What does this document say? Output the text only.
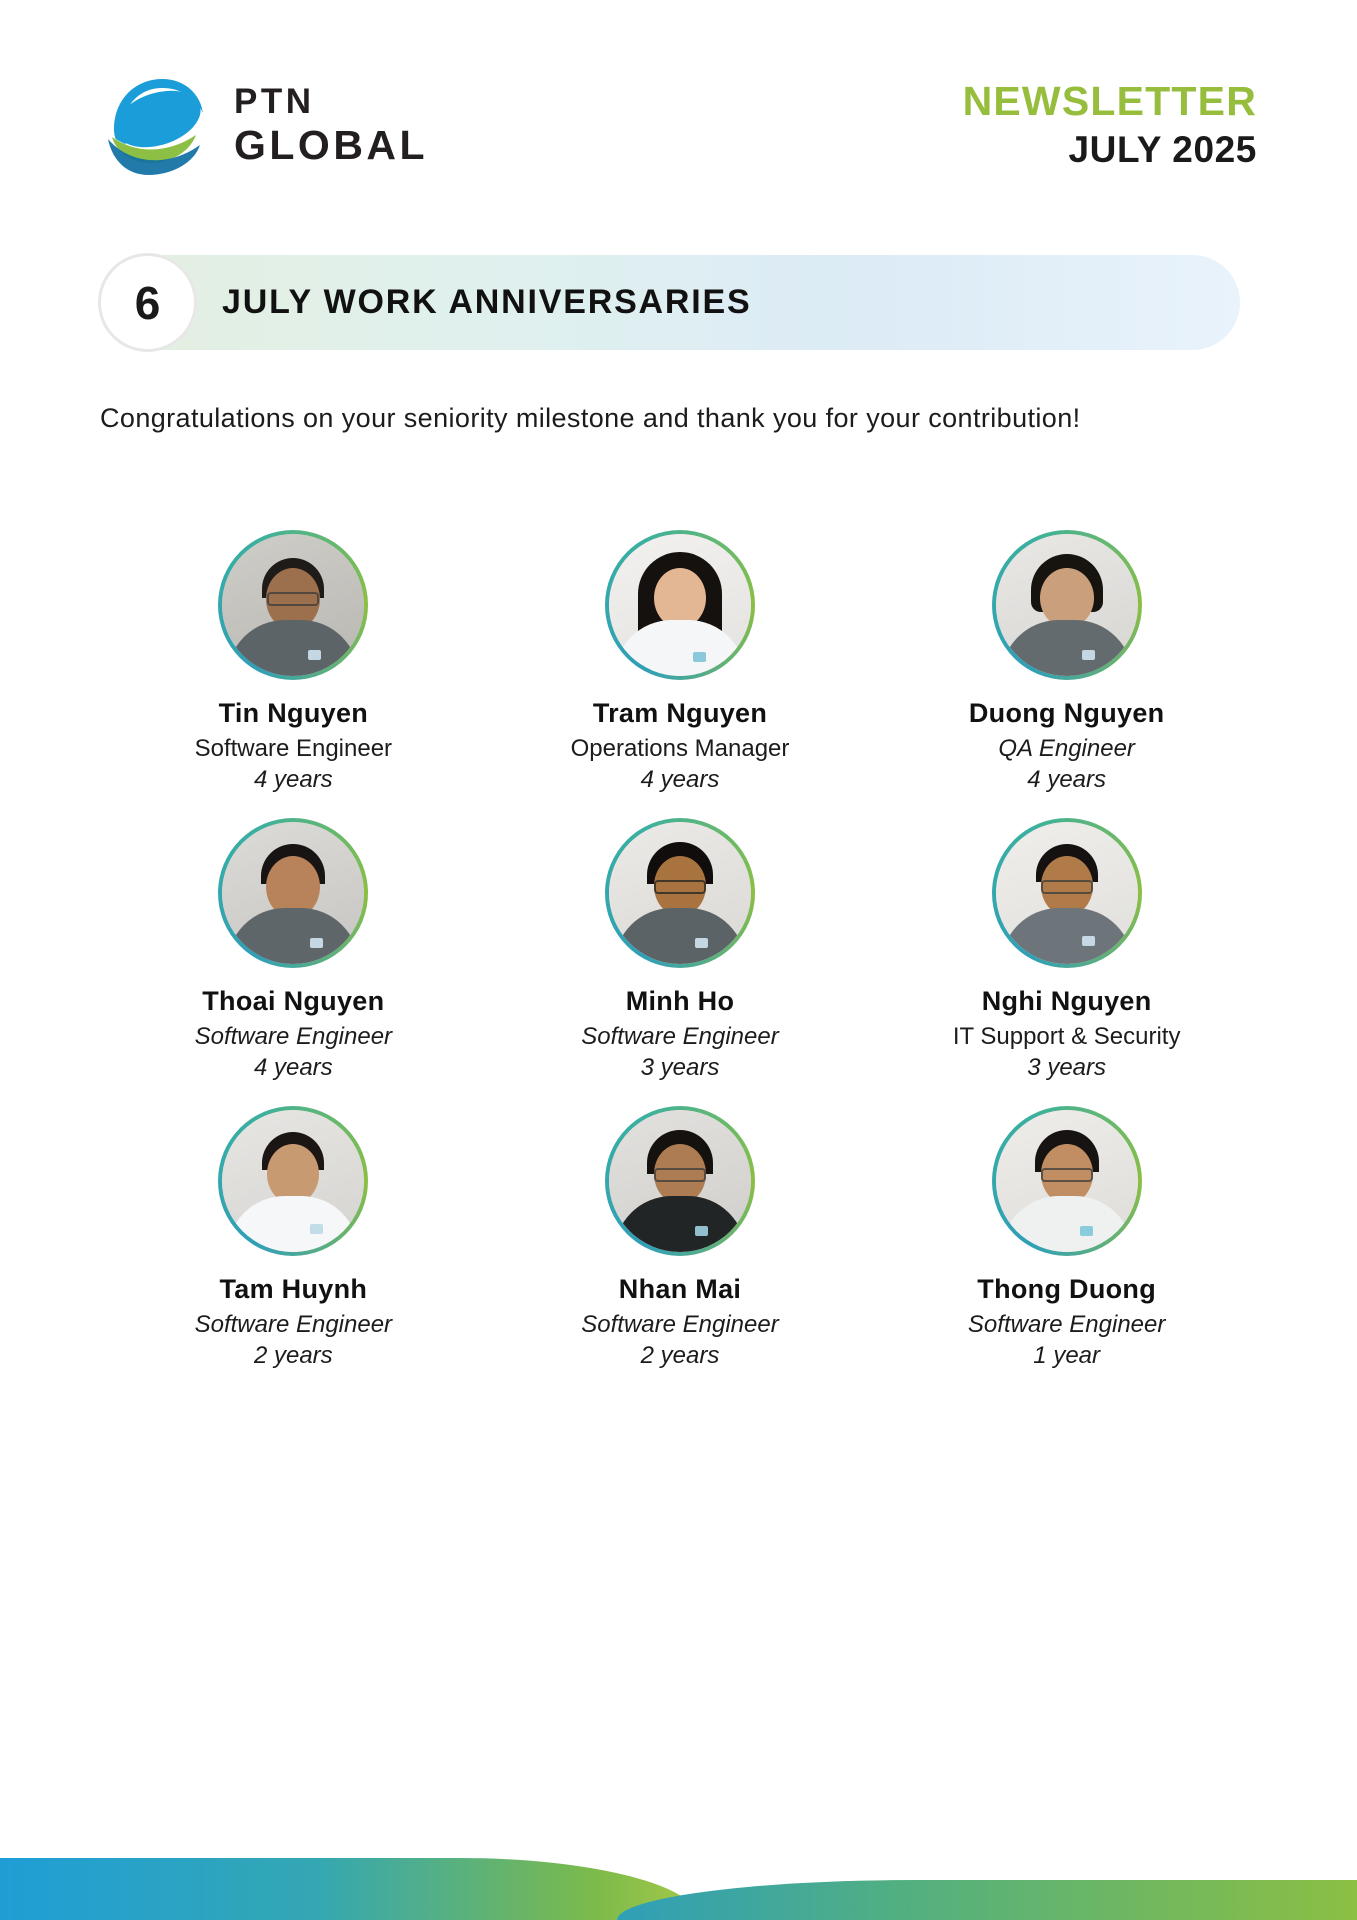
PTN
GLOBAL
NEWSLETTER
JULY 2025
6 JULY WORK ANNIVERSARIES
Congratulations on your seniority milestone and thank you for your contribution!
Tin Nguyen
Software Engineer
4 years
Tram Nguyen
Operations Manager
4 years
Duong Nguyen
QA Engineer
4 years
Thoai Nguyen
Software Engineer
4 years
Minh Ho
Software Engineer
3 years
Nghi Nguyen
IT Support & Security
3 years
Tam Huynh
Software Engineer
2 years
Nhan Mai
Software Engineer
2 years
Thong Duong
Software Engineer
1 year
